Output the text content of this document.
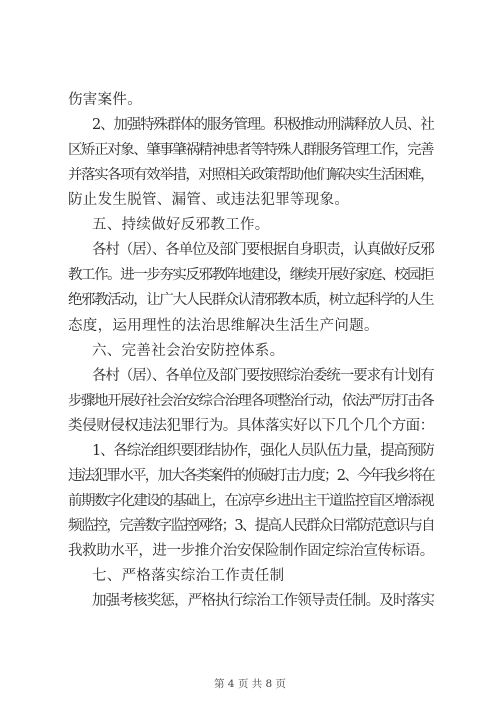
伤害案件。
2、加强特殊群体的服务管理。积极推动刑满释放人员、社
区矫正对象、肇事肇祸精神患者等特殊人群服务管理工作，完善
并落实各项有效举措，对照相关政策帮助他们解决实生活困难，
防止发生脱管、漏管、或违法犯罪等现象。
五、持续做好反邪教工作。
各村（居）、各单位及部门要根据自身职责，认真做好反邪
教工作。进一步夯实反邪教阵地建设，继续开展好家庭、校园拒
绝邪教活动，让广大人民群众认清邪教本质，树立起科学的人生
态度，运用理性的法治思维解决生活生产问题。
六、完善社会治安防控体系。
各村（居）、各单位及部门要按照综治委统一要求有计划有
步骤地开展好社会治安综合治理各项整治行动，依法严厉打击各
类侵财侵权违法犯罪行为。具体落实好以下几个几个方面：
1、各综治组织要团结协作，强化人员队伍力量，提高预防
违法犯罪水平，加大各类案件的侦破打击力度；2、今年我乡将在
前期数字化建设的基础上，在凉亭乡进出主干道监控盲区增添视
频监控，完善数字监控网络；3、提高人民群众日常防范意识与自
我救助水平，进一步推介治安保险制作固定综治宣传标语。
七、严格落实综治工作责任制
加强考核奖惩，严格执行综治工作领导责任制。及时落实
第 4 页 共 8 页
